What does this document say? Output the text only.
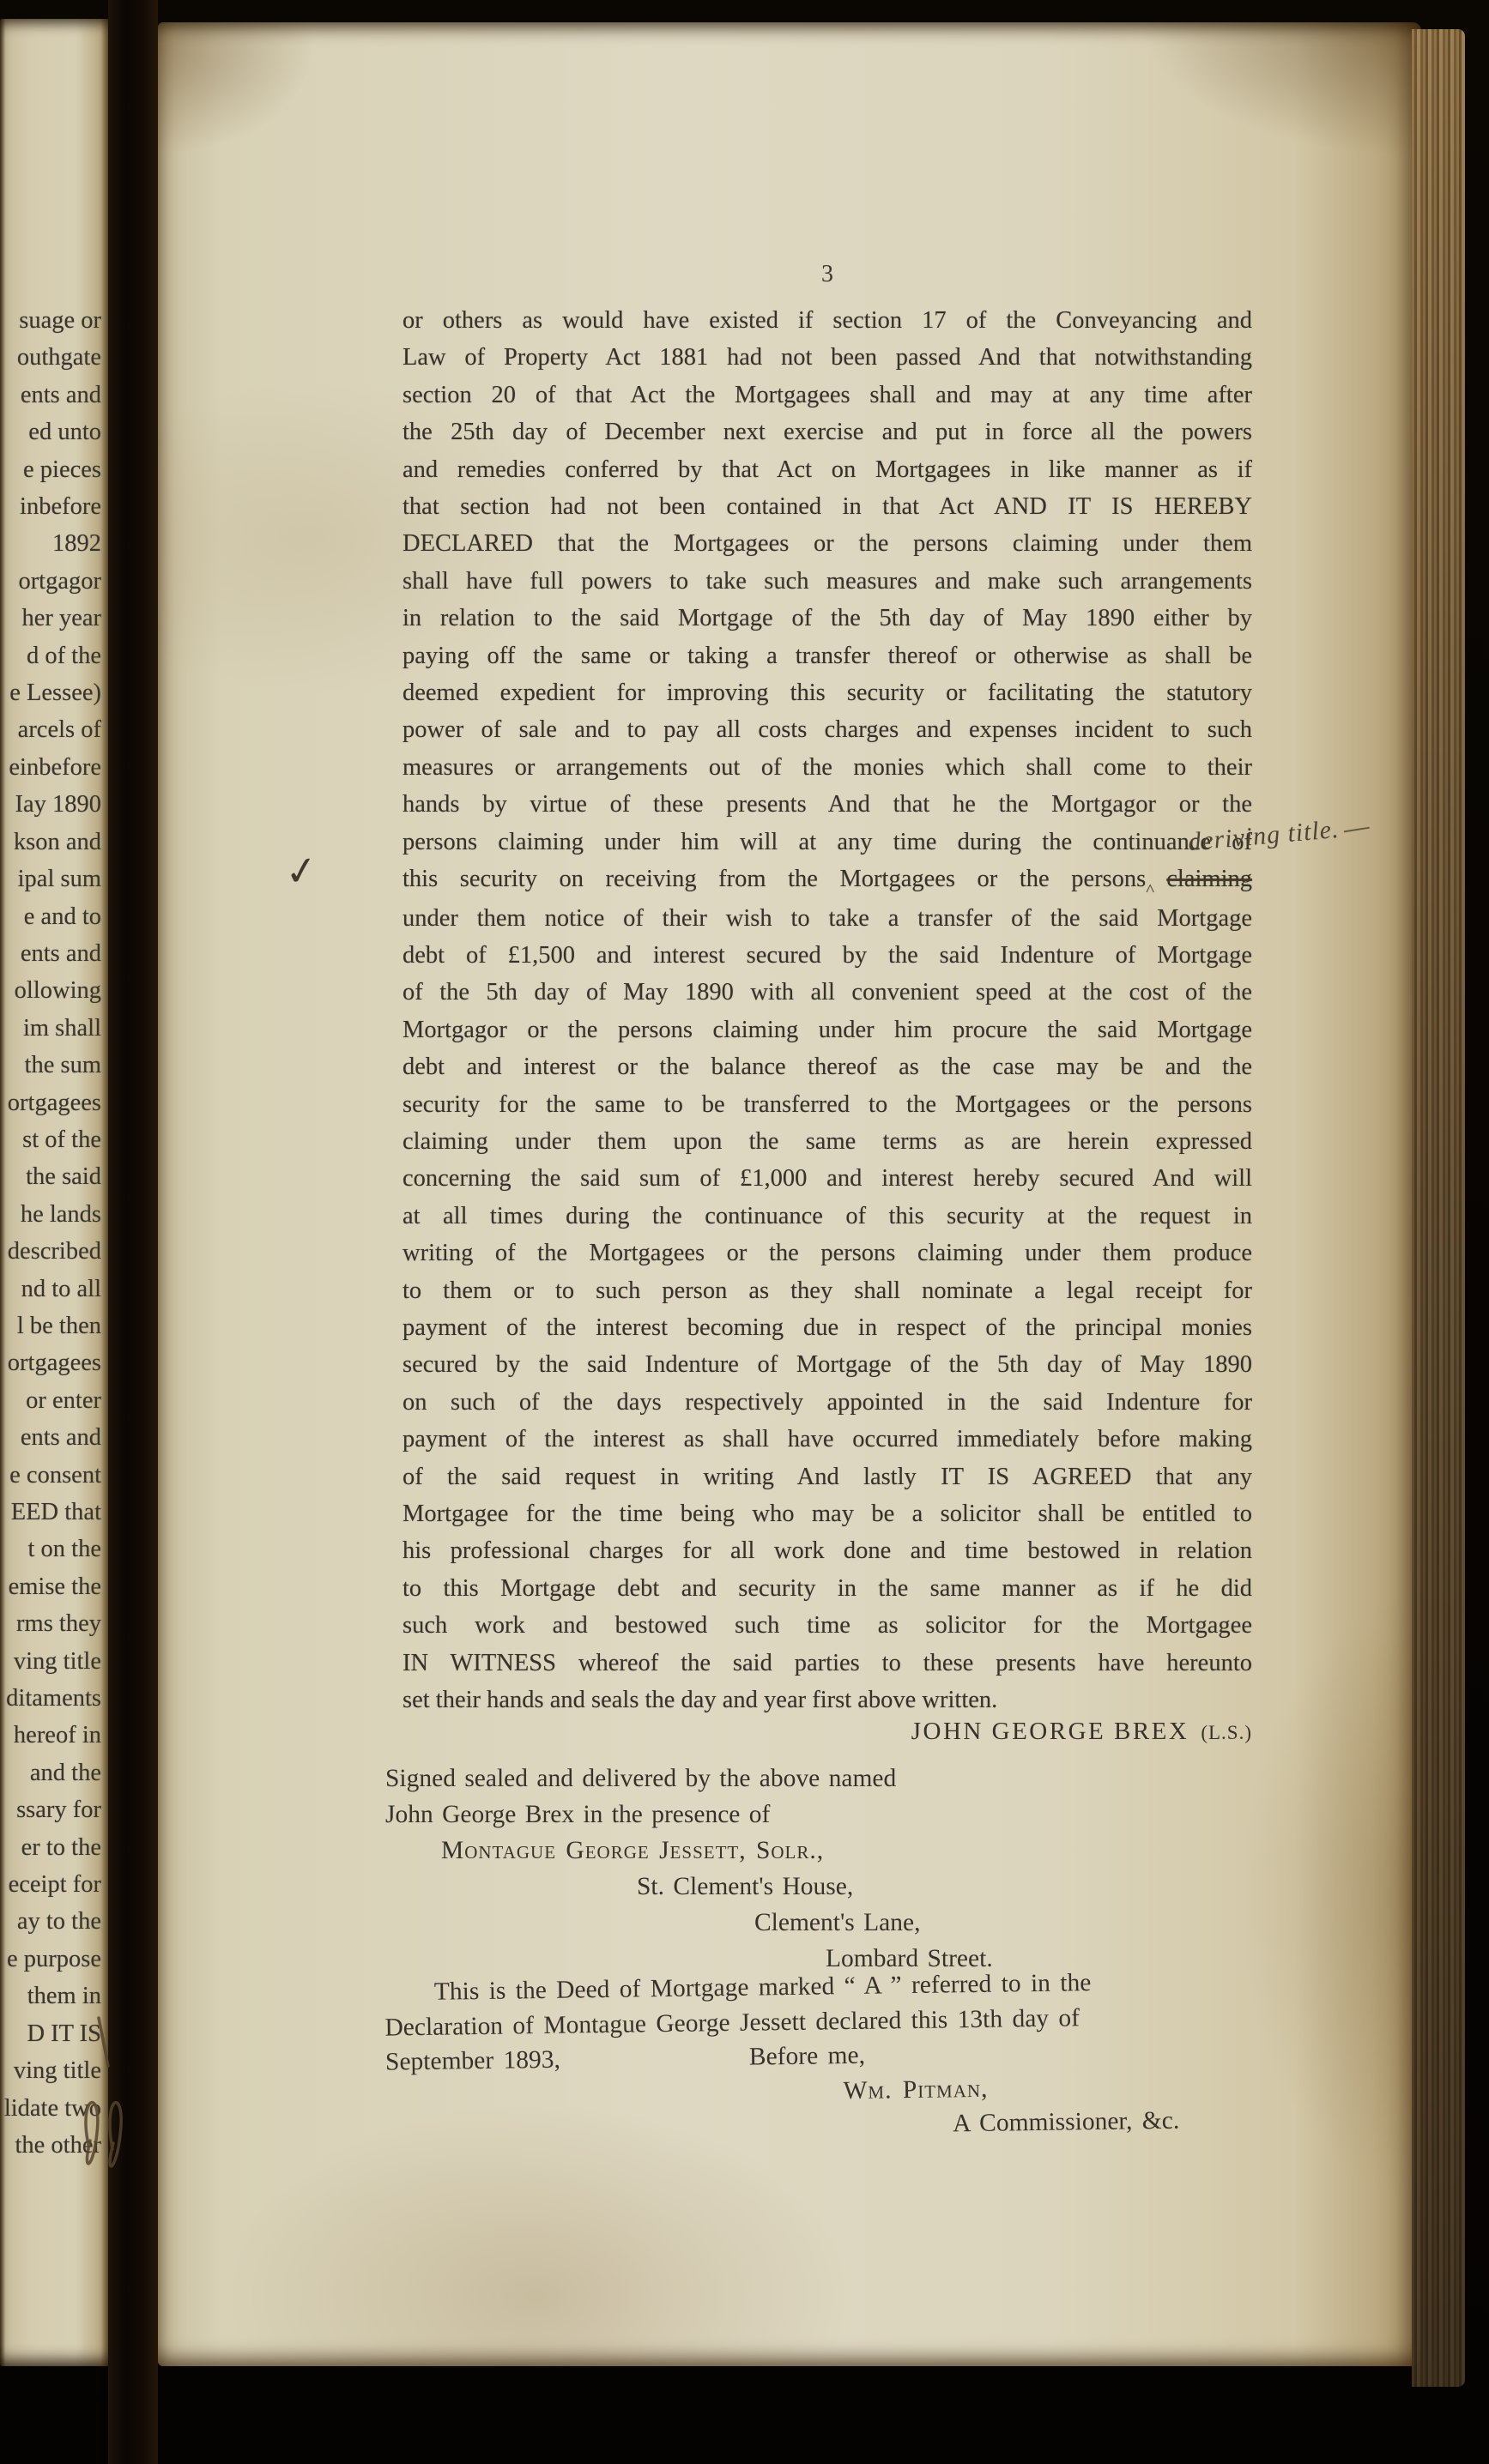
suage or
outhgate
ents and
ed unto
e pieces
inbefore
1892
ortgagor
her year
d of the
e Lessee)
arcels of
einbefore
Iay 1890
kson and
ipal sum
e and to
ents and
ollowing
im shall
the sum
ortgagees
st of the
the said
he lands
described
nd to all
l be then
ortgagees
or enter
ents and
e consent
EED that
t on the
emise the
rms they
ving title
ditaments
hereof in
and the
ssary for
er to the
eceipt for
ay to the
e purpose
them in
D IT IS
ving title
lidate two
the other
3
or others as would have existed if section 17 of the Conveyancing and
Law of Property Act 1881 had not been passed And that notwithstanding
section 20 of that Act the Mortgagees shall and may at any time after
the 25th day of December next exercise and put in force all the powers
and remedies conferred by that Act on Mortgagees in like manner as if
that section had not been contained in that Act AND IT IS HEREBY
DECLARED that the Mortgagees or the persons claiming under them
shall have full powers to take such measures and make such arrangements
in relation to the said Mortgage of the 5th day of May 1890 either by
paying off the same or taking a transfer thereof or otherwise as shall be
deemed expedient for improving this security or facilitating the statutory
power of sale and to pay all costs charges and expenses incident to such
measures or arrangements out of the monies which shall come to their
hands by virtue of these presents And that he the Mortgagor or the
persons claiming under him will at any time during the continuance of
this security on receiving from the Mortgagees or the persons^ claiming
under them notice of their wish to take a transfer of the said Mortgage
debt of £1,500 and interest secured by the said Indenture of Mortgage
of the 5th day of May 1890 with all convenient speed at the cost of the
Mortgagor or the persons claiming under him procure the said Mortgage
debt and interest or the balance thereof as the case may be and the
security for the same to be transferred to the Mortgagees or the persons
claiming under them upon the same terms as are herein expressed
concerning the said sum of £1,000 and interest hereby secured And will
at all times during the continuance of this security at the request in
writing of the Mortgagees or the persons claiming under them produce
to them or to such person as they shall nominate a legal receipt for
payment of the interest becoming due in respect of the principal monies
secured by the said Indenture of Mortgage of the 5th day of May 1890
on such of the days respectively appointed in the said Indenture for
payment of the interest as shall have occurred immediately before making
of the said request in writing And lastly IT IS AGREED that any
Mortgagee for the time being who may be a solicitor shall be entitled to
his professional charges for all work done and time bestowed in relation
to this Mortgage debt and security in the same manner as if he did
such work and bestowed such time as solicitor for the Mortgagee
IN WITNESS whereof the said parties to these presents have hereunto
set their hands and seals the day and year first above written.
deriving title.
✓
JOHN GEORGE BREX (L.S.)
Signed sealed and delivered by the above named
John George Brex in the presence of
Montague George Jessett, Solr.,
St. Clement's House,
Clement's Lane,
Lombard Street.
This is the Deed of Mortgage marked “ A ” referred to in the
Declaration of Montague George Jessett declared this 13th day of
September 1893,	Before me,
Wm. Pitman,
A Commissioner, &c.
